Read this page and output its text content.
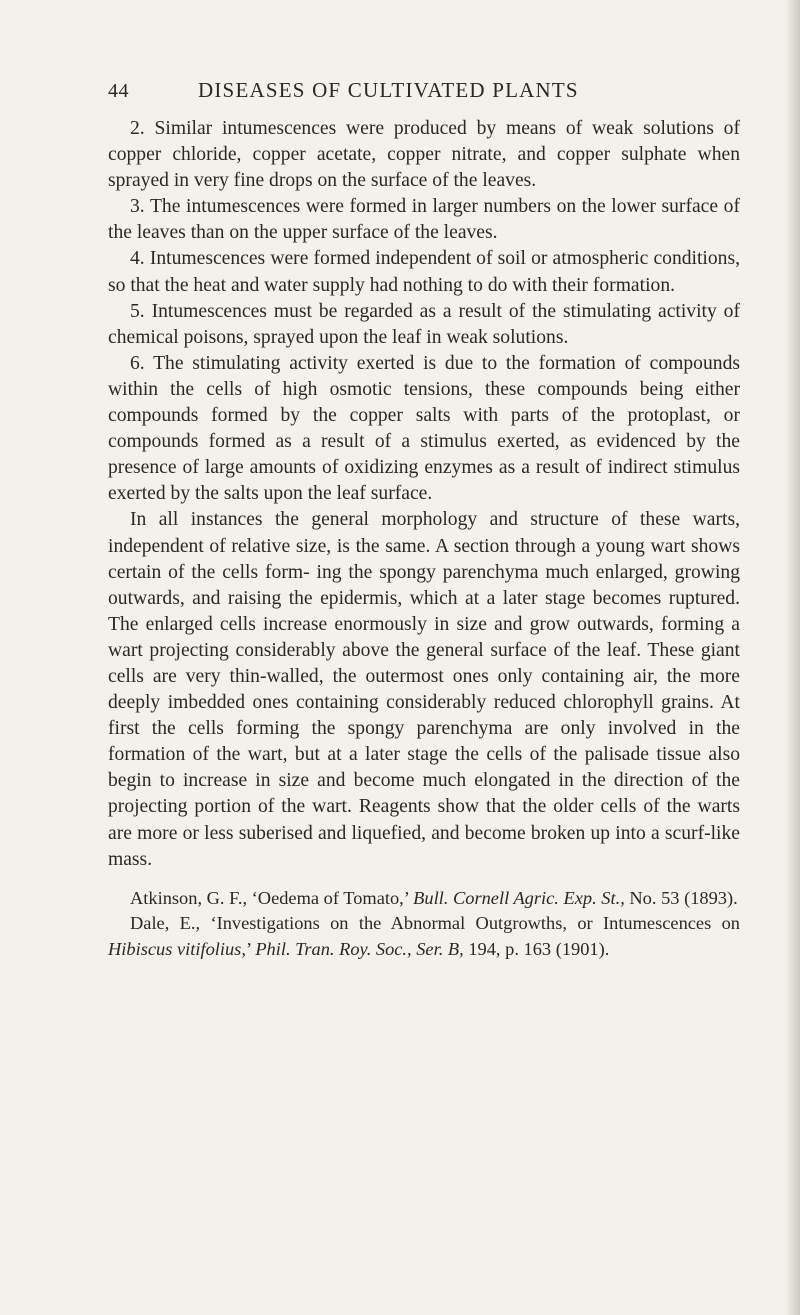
44	DISEASES OF CULTIVATED PLANTS

2. Similar intumescences were produced by means of weak solutions of copper chloride, copper acetate, copper nitrate, and copper sulphate when sprayed in very fine drops on the surface of the leaves.

3. The intumescences were formed in larger numbers on the lower surface of the leaves than on the upper surface of the leaves.

4. Intumescences were formed independent of soil or atmospheric conditions, so that the heat and water supply had nothing to do with their formation.

5. Intumescences must be regarded as a result of the stimulating activity of chemical poisons, sprayed upon the leaf in weak solutions.

6. The stimulating activity exerted is due to the formation of compounds within the cells of high osmotic tensions, these compounds being either compounds formed by the copper salts with parts of the protoplast, or compounds formed as a result of a stimulus exerted, as evidenced by the presence of large amounts of oxidizing enzymes as a result of indirect stimulus exerted by the salts upon the leaf surface.

In all instances the general morphology and structure of these warts, independent of relative size, is the same. A section through a young wart shows certain of the cells form- ing the spongy parenchyma much enlarged, growing outwards, and raising the epidermis, which at a later stage becomes ruptured. The enlarged cells increase enormously in size and grow outwards, forming a wart projecting considerably above the general surface of the leaf. These giant cells are very thin-walled, the outermost ones only containing air, the more deeply imbedded ones containing considerably reduced chlorophyll grains. At first the cells forming the spongy parenchyma are only involved in the formation of the wart, but at a later stage the cells of the palisade tissue also begin to increase in size and become much elongated in the direction of the projecting portion of the wart. Reagents show that the older cells of the warts are more or less suberised and liquefied, and become broken up into a scurf-like mass.

Atkinson, G. F., ‘Oedema of Tomato,’ Bull. Cornell Agric. Exp. St., No. 53 (1893).

Dale, E., ‘Investigations on the Abnormal Outgrowths, or Intumescences on Hibiscus vitifolius,’ Phil. Tran. Roy. Soc., Ser. B, 194, p. 163 (1901).
